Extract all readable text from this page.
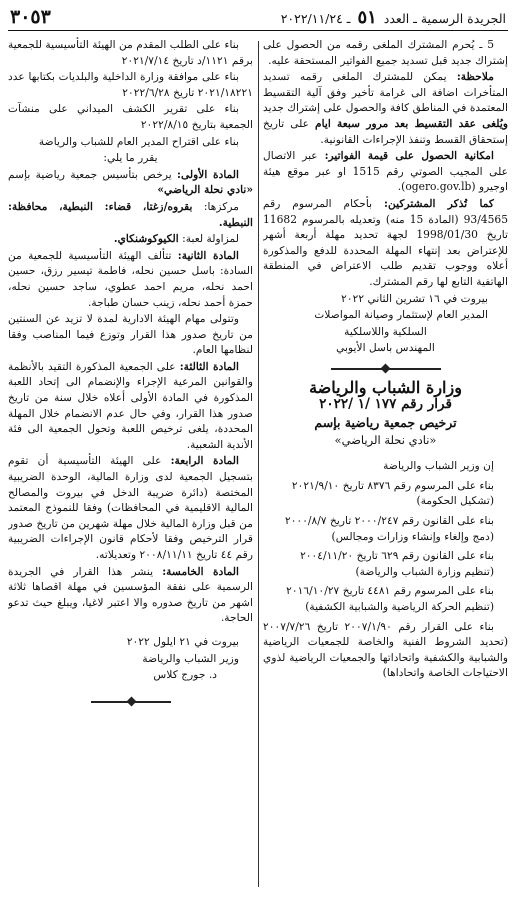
الجريدة الرسمية ـ العدد ٥١ ـ ٢٠٢٢/١١/٢٤
٣٠٥٣

5 ـ يُحرم المشترك الملغى رقمه من الحصول على إشتراك جديد قبل تسديد جميع الفواتير المستحقة عليه.

ملاحظة: يمكن للمشترك الملغى رقمه تسديد المتأخرات اضافة الى غرامة تأخير وفق آلية التقسيط المعتمدة في المناطق كافة والحصول على إشتراك جديد ويُلغى عقد التقسيط بعد مرور سبعة ايام على تاريخ إستحقاق القسط وتنفذ الإجراءات القانونية.

امكانية الحصول على قيمة الفواتير: عبر الاتصال على المجيب الصوتي رقم 1515 او عبر موقع هيئة اوجيرو (ogero.gov.lb).

كما تُذكر المشتركين: بأحكام المرسوم رقم 93/4565 (المادة 15 منه) وتعديله بالمرسوم 11682 تاريخ 1998/01/30 لجهة تحديد مهلة أربعة أشهر للإعتراض بعد إنتهاء المهلة المحددة للدفع والمذكورة أعلاه ووجوب تقديم طلب الاعتراض في المنطقة الهاتفية التابع لها رقم المشترك.

بيروت في ١٦ تشرين الثاني ٢٠٢٢

المدير العام لإستثمار وصيانة المواصلات

السلكية واللاسلكية

المهندس باسل الأيوبي

وزارة الشباب والرياضة
قرار رقم ١٧٧ /١ /٢٠٢٢
ترخيص جمعية رياضية بإسم
«نادي نحلة الرياضي»

إن وزير الشباب والرياضة

بناء على المرسوم رقم ٨٣٧٦ تاريخ ٢٠٢١/٩/١٠

(تشكيل الحكومة)

بناء على القانون رقم ٢٠٠٠/٢٤٧ تاريخ ٢٠٠٠/٨/٧

(دمج وإلغاء وإنشاء وزارات ومجالس)

بناء على القانون رقم ٦٢٩ تاريخ ٢٠٠٤/١١/٢٠

(تنظيم وزارة الشباب والرياضة)

بناء على المرسوم رقم ٤٤٨١ تاريخ ٢٠١٦/١٠/٢٧

(تنظيم الحركة الرياضية والشبابية الكشفية)

بناء على القرار رقم ٢٠٠٧/١/٩٠ تاريخ ٢٠٠٧/٧/٢٦ (تحديد الشروط الفنية والخاصة للجمعيات الرياضية والشبابية والكشفية واتحاداتها والجمعيات الرياضية لذوي الاحتياجات الخاصة واتحاداها)

بناء على الطلب المقدم من الهيئة التأسيسية للجمعية برقم ١١٢١/د تاريخ ٢٠٢١/٧/١٤

بناء على موافقة وزارة الداخلية والبلديات بكتابها عدد ٢٠٢١/١٨٢٢١ تاريخ ٢٠٢٢/٦/٢٨

بناء على تقرير الكشف الميداني على منشآت الجمعية بتاريخ ٢٠٢٢/٨/١٥

بناء على اقتراح المدير العام للشباب والرياضة

يقرر ما يلي:

المادة الأولى: يرخص بتأسيس جمعية رياضية بإسم «نادي نحلة الرياضي»

مركزها: بقروه/زغتا، قضاء: النبطية، محافظة: النبطية.

لمزاولة لعبة: الكيوكوشنكاي.

المادة الثانية: تتألف الهيئة التأسيسية للجمعية من السادة: باسل حسين نحله، فاطمة تيسير رزق، حسين احمد نحله، مريم احمد عطوي، ساجد حسين نحله، حمزة أحمد نحله، زينب حسان طباجة.

وتتولى مهام الهيئة الادارية لمدة لا تزيد عن السنتين من تاريخ صدور هذا القرار وتوزع فيما المناصب وفقا لنظامها العام.

المادة الثالثة: على الجمعية المذكورة التقيد بالأنظمة والقوانين المرعية الإجراء والإنضمام الى إتحاد اللعبة المذكورة في المادة الأولى أعلاه خلال سنة من تاريخ صدور هذا القرار، وفي حال عدم الانضمام خلال المهلة المحددة، يلغى ترخيص اللعبة وتحول الجمعية الى فئة الأندية الشعبية.

المادة الرابعة: على الهيئة التأسيسية أن تقوم بتسجيل الجمعية لدى وزارة المالية، الوحدة الضريبية المختصة (دائرة ضريبة الدخل في بيروت والمصالح المالية الاقليمية في المحافظات) وفقا للنموذج المعتمد من قبل وزارة المالية خلال مهلة شهرين من تاريخ صدور قرار الترخيص وفقا لأحكام قانون الإجراءات الضريبية رقم ٤٤ تاريخ ٢٠٠٨/١١/١١ وتعديلاته.

المادة الخامسة: ينشر هذا القرار في الجريدة الرسمية على نفقة المؤسسين في مهلة اقصاها ثلاثة اشهر من تاريخ صدوره والا اعتبر لاغيا، ويبلغ حيث تدعو الحاجة.

بيروت في ٢١ ايلول ٢٠٢٢

وزير الشباب والرياضة

د. جورج كلاس
